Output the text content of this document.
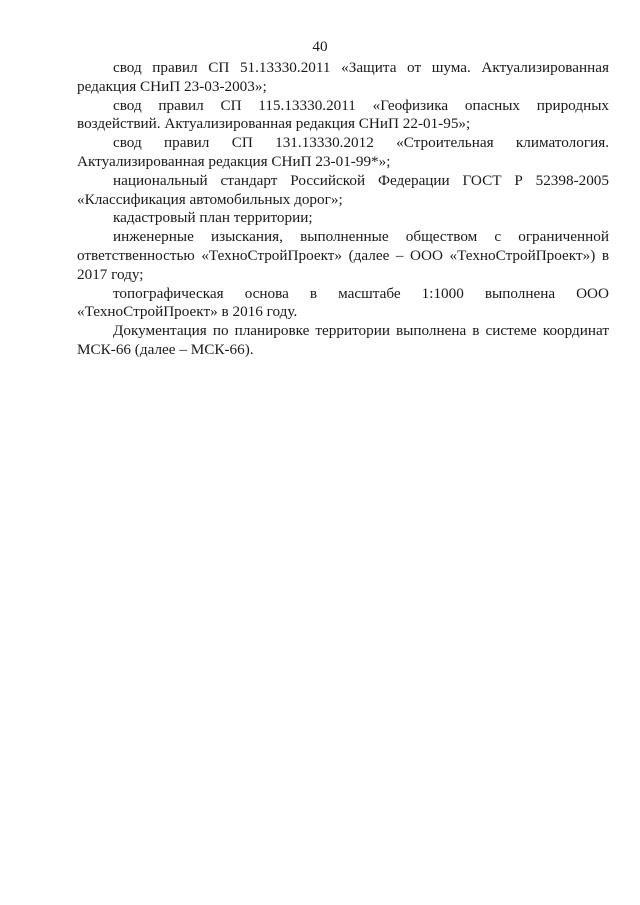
40

свод правил СП 51.13330.2011 «Защита от шума. Актуализированная редакция СНиП 23-03-2003»;

свод правил СП 115.13330.2011 «Геофизика опасных природных воздействий. Актуализированная редакция СНиП 22-01-95»;

свод правил СП 131.13330.2012 «Строительная климатология. Актуализированная редакция СНиП 23-01-99*»;

национальный стандарт Российской Федерации ГОСТ Р 52398-2005 «Классификация автомобильных дорог»;

кадастровый план территории;

инженерные изыскания, выполненные обществом с ограниченной ответственностью «ТехноСтройПроект» (далее – ООО «ТехноСтройПроект») в 2017 году;

топографическая основа в масштабе 1:1000 выполнена ООО «ТехноСтройПроект» в 2016 году.

Документация по планировке территории выполнена в системе координат МСК-66 (далее – МСК-66).
